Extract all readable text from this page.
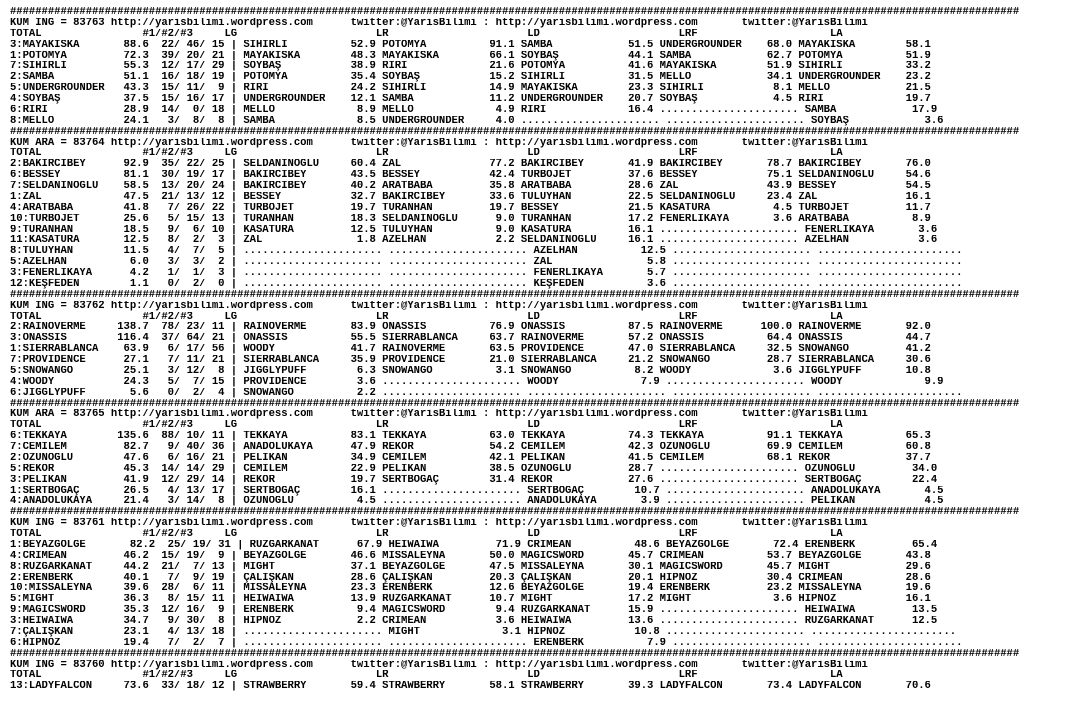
################################################################################################################################################################
KUM ING = 83763 http://yarisbilimi.wordpress.com      twitter:@YarisBilimi : http://yarisbilimi.wordpress.com       twitter:@YarisBilimi
TOTAL                #1/#2/#3     LG                      LR                      LD                      LRF                     LA
3:MAYAKISKA       88.6  22/ 46/ 15 | SIHIRLİ          52.9 POTOMYA          91.1 SAMBA            51.5 UNDERGROUNDER    68.0 MAYAKISKA        58.1
1:POTOMYA         72.3  39/ 20/ 21 | MAYAKISKA        48.3 MAYAKISKA        66.1 SOYBAŞ           44.1 SAMBA            62.7 POTOMYA          51.9
7:SIHIRLİ         55.3  12/ 17/ 29 | SOYBAŞ           38.9 RIRI             21.6 POTOMYA          41.6 MAYAKISKA        51.9 SIHIRLİ          33.2
2:SAMBA           51.1  16/ 18/ 19 | POTOMYA          35.4 SOYBAŞ           15.2 SIHIRLİ          31.5 MELLO            34.1 UNDERGROUNDER    23.2
5:UNDERGROUNDER   43.3  15/ 11/  9 | RIRI             24.2 SIHIRLİ          14.9 MAYAKISKA        23.3 SIHIRLİ           8.1 MELLO            21.5
4:SOYBAŞ          37.5  15/ 16/ 17 | UNDERGROUNDER    12.1 SAMBA            11.2 UNDERGROUNDER    20.7 SOYBAŞ            4.5 RIRI             19.7
6:RIRI            28.9  14/  0/ 18 | MELLO             8.9 MELLO             4.9 RIRI             16.4 ...................... SAMBA            17.9
8:MELLO           24.1   3/  8/  8 | SAMBA             8.5 UNDERGROUNDER     4.0 ...................... ...................... SOYBAŞ            3.6
################################################################################################################################################################
KUM ARA = 83764 http://yarisbilimi.wordpress.com      twitter:@YarisBilimi : http://yarisbilimi.wordpress.com       twitter:@YarisBilimi
TOTAL                #1/#2/#3     LG                      LR                      LD                      LRF                     LA
2:BAKIRCIBEY      92.9  35/ 22/ 25 | SELDANINOĞLU     60.4 ZAL              77.2 BAKIRCIBEY       41.9 BAKIRCIBEY       78.7 BAKIRCIBEY       76.0
6:BESSEY          81.1  30/ 19/ 17 | BAKIRCIBEY       43.5 BESSEY           42.4 TURBOJET         37.6 BESSEY           75.1 SELDANINOĞLU     54.6
7:SELDANINOĞLU    58.5  13/ 20/ 24 | BAKIRCIBEY       40.2 ARATBABA         35.8 ARATBABA         28.6 ZAL              43.9 BESSEY           54.5
1:ZAL             47.5  21/ 13/ 12 | BESSEY           32.7 BAKIRCIBEY       33.6 TULUYHAN         22.5 SELDANINOĞLU     23.4 ZAL              16.1
4:ARATBABA        41.8   7/ 26/ 22 | TURBOJET         19.7 TURANHAN         19.7 BESSEY           21.5 KASATURA          4.5 TURBOJET         11.7
10:TURBOJET       25.6   5/ 15/ 13 | TURANHAN         18.3 SELDANINOĞLU      9.0 TURANHAN         17.2 FENERLİKAYA       3.6 ARATBABA          8.9
9:TURANHAN        18.5   9/  6/ 10 | KASATURA         12.5 TULUYHAN          9.0 KASATURA         16.1 ...................... FENERLİKAYA       3.6
11:KASATURA       12.5   8/  2/  3 | ZAL               1.8 AZELHAN           2.2 SELDANINOĞLU     16.1 ...................... AZELHAN           3.6
8:TULUYHAN        11.5   4/  7/  5 | ...................... ...................... AZELHAN          12.5 ...................... .......................
5:AZELHAN          6.0   3/  3/  2 | ...................... ...................... ZAL               5.8 ...................... .......................
3:FENERLİKAYA      4.2   1/  1/  3 | ...................... ...................... FENERLİKAYA       5.7 ...................... .......................
12:KEŞFEDEN        1.1   0/  2/  0 | ...................... ...................... KEŞFEDEN          3.6 ...................... .......................
################################################################################################################################################################
KUM ING = 83762 http://yarisbilimi.wordpress.com      twitter:@YarisBilimi : http://yarisbilimi.wordpress.com       twitter:@YarisBilimi
TOTAL                #1/#2/#3     LG                      LR                      LD                      LRF                     LA
2:RAINOVERME     138.7  78/ 23/ 11 | RAINOVERME       83.9 ONASSIS          76.9 ONASSIS          87.5 RAINOVERME      100.0 RAINOVERME       92.0
3:ONASSIS        116.4  37/ 64/ 21 | ONASSIS          55.5 SIERRABLANCA     63.7 RAINOVERME       57.2 ONASSIS          64.4 ONASSIS          44.7
1:SIERRABLANCA    63.9   6/ 17/ 56 | WOODY            41.7 RAINOVERME       63.5 PROVIDENCE       47.0 SIERRABLANCA     32.5 SNOWANGO         41.2
7:PROVIDENCE      27.1   7/ 11/ 21 | SIERRABLANCA     35.9 PROVIDENCE       21.0 SIERRABLANCA     21.2 SNOWANGO         28.7 SIERRABLANCA     30.6
5:SNOWANGO        25.1   3/ 12/  8 | JIGGLYPUFF        6.3 SNOWANGO          3.1 SNOWANGO          8.2 WOODY             3.6 JIGGLYPUFF       10.8
4:WOODY           24.3   5/  7/ 15 | PROVIDENCE        3.6 ...................... WOODY             7.9 ...................... WOODY             9.9
6:JIGGLYPUFF       5.6   0/  2/  4 | SNOWANGO          2.2 ...................... ...................... ...................... .......................
################################################################################################################################################################
KUM ARA = 83765 http://yarisbilimi.wordpress.com      twitter:@YarisBilimi : http://yarisbilimi.wordpress.com       twitter:@YarisBilimi
TOTAL                #1/#2/#3     LG                      LR                      LD                      LRF                     LA
6:TEKKAYA        135.6  88/ 10/ 11 | TEKKAYA          83.1 TEKKAYA          63.0 TEKKAYA          74.3 TEKKAYA          91.1 TEKKAYA          65.3
7:CEMİLEM         82.7   9/ 40/ 36 | ANADOLUKAYA      47.9 REKOR            54.2 CEMİLEM          42.3 ÖZÜNOĞLU         69.9 CEMİLEM          60.8
2:ÖZÜNOĞLU        47.6   6/ 16/ 21 | PELİKAN          34.9 CEMİLEM          42.1 PELİKAN          41.5 CEMİLEM          68.1 REKOR            37.7
5:REKOR           45.3  14/ 14/ 29 | CEMİLEM          22.9 PELİKAN          38.5 ÖZÜNOĞLU         28.7 ...................... ÖZÜNOĞLU         34.0
3:PELİKAN         41.9  12/ 29/ 14 | REKOR            19.7 SERTBOĞAÇ        31.4 REKOR            27.6 ...................... SERTBOĞAÇ        22.4
1:SERTBOĞAÇ       26.5   4/ 13/ 17 | SERTBOĞAÇ        16.1 ...................... SERTBOĞAÇ        10.7 ...................... ANADOLUKAYA       4.5
4:ANADOLUKAYA     21.4   3/ 14/  8 | ÖZÜNOĞLU          4.5 ...................... ANADOLUKAYA       3.9 ...................... PELİKAN           4.5
################################################################################################################################################################
KUM ING = 83761 http://yarisbilimi.wordpress.com      twitter:@YarisBilimi : http://yarisbilimi.wordpress.com       twitter:@YarisBilimi
TOTAL                #1/#2/#3     LG                      LR                      LD                      LRF                     LA
1:BEYAZGÖLGE       82.2  25/ 19/ 31 | RÜZGARKANAT      67.9 HEIWAIWA         71.9 CRIMEAN          48.6 BEYAZGÖLGE       72.4 ERENBERK         65.4
4:CRIMEAN         46.2  15/ 19/  9 | BEYAZGÖLGE       46.6 MISSALEYNA       50.0 MAGICSWORD       45.7 CRIMEAN          53.7 BEYAZGÖLGE       43.8
8:RÜZGARKANAT     44.2  21/  7/ 13 | MIGHT            37.1 BEYAZGÖLGE       47.5 MISSALEYNA       30.1 MAGICSWORD       45.7 MIGHT            29.6
2:ERENBERK        40.1   7/  9/ 19 | ÇALIŞKAN         28.6 ÇALIŞKAN         20.3 ÇALIŞKAN         20.1 HIPNOZ           30.4 CRIMEAN          28.6
10:MISSALEYNA     39.6  28/  6/ 11 | MISSALEYNA       23.3 ERENBERK         12.6 BEYAZGÖLGE       19.4 ERENBERK         23.2 MISSALEYNA       19.6
5:MIGHT           36.3   8/ 15/ 11 | HEIWAIWA         13.9 RÜZGARKANAT      10.7 MIGHT            17.2 MIGHT             3.6 HIPNOZ           16.1
9:MAGICSWORD      35.3  12/ 16/  9 | ERENBERK          9.4 MAGICSWORD        9.4 RÜZGARKANAT      15.9 ...................... HEIWAIWA         13.5
3:HEIWAIWA        34.7   9/ 30/  8 | HIPNOZ            2.2 CRIMEAN           3.6 HEIWAIWA         13.6 ...................... RÜZGARKANAT      12.5
7:ÇALIŞKAN        23.1   4/ 13/ 18 | ...................... MIGHT             3.1 HIPNOZ           10.8 ...................... .......................
6:HIPNOZ          19.4   7/  2/  7 | ...................... ...................... ERENBERK          7.9 ...................... .......................
################################################################################################################################################################
KUM ING = 83760 http://yarisbilimi.wordpress.com      twitter:@YarisBilimi : http://yarisbilimi.wordpress.com       twitter:@YarisBilimi
TOTAL                #1/#2/#3     LG                      LR                      LD                      LRF                     LA
13:LADYFALCON     73.6  33/ 18/ 12 | STRAWBERRY       59.4 STRAWBERRY       58.1 STRAWBERRY       39.3 LADYFALCON       73.4 LADYFALCON       70.6
